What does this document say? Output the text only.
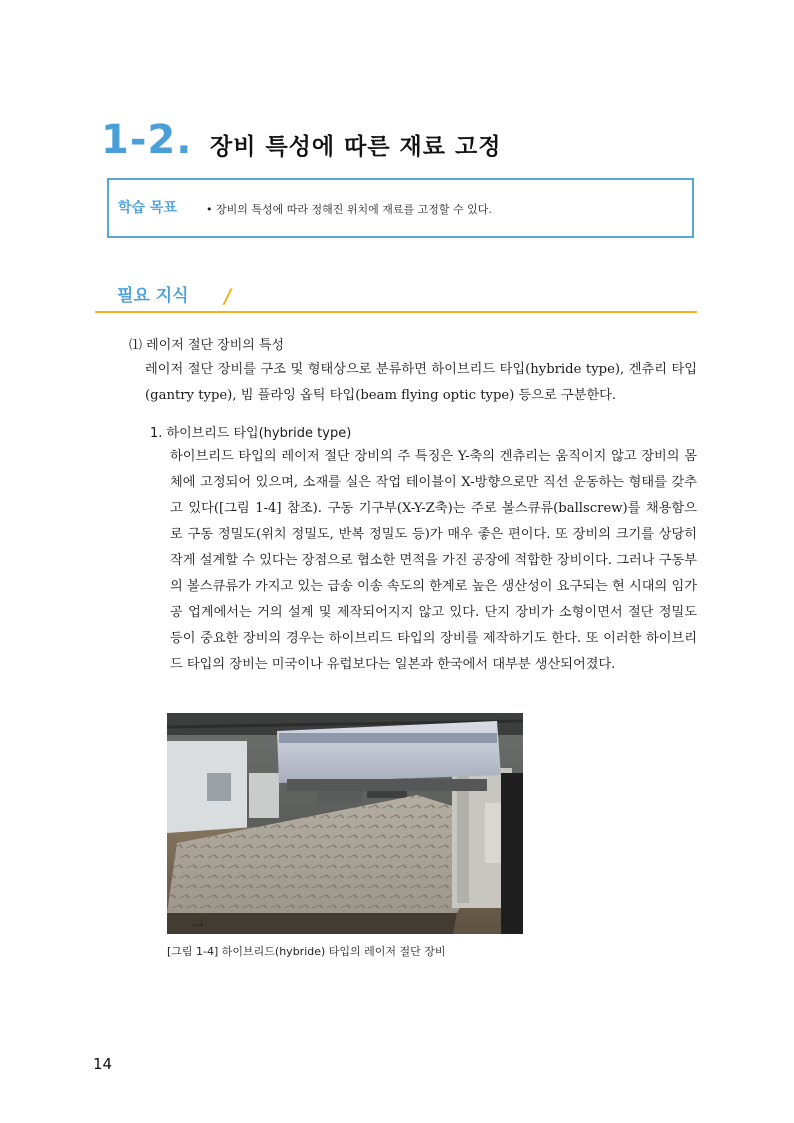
1-2. 장비 특성에 따른 재료 고정
학습 목표	• 장비의 특성에 따라 정해진 위치에 재료를 고정할 수 있다.
필요 지식 /
⑴ 레이저 절단 장비의 특성
레이저 절단 장비를 구조 및 형태상으로 분류하면 하이브리드 타입(hybride type), 겐츄리 타입(gantry type), 빔 플라잉 옵틱 타입(beam flying optic type) 등으로 구분한다.
1. 하이브리드 타입(hybride type)
하이브리드 타입의 레이저 절단 장비의 주 특징은 Y-축의 겐츄리는 움직이지 않고 장비의 몸체에 고정되어 있으며, 소재를 실은 작업 테이블이 X-방향으로만 직선 운동하는 형태를 갖추고 있다([그림 1-4] 참조). 구동 기구부(X-Y-Z축)는 주로 볼스큐류(ballscrew)를 채용함으로 구동 정밀도(위치 정밀도, 반복 정밀도 등)가 매우 좋은 편이다. 또 장비의 크기를 상당히 작게 설계할 수 있다는 장점으로 협소한 면적을 가진 공장에 적합한 장비이다. 그러나 구동부의 볼스큐류가 가지고 있는 급송 이송 속도의 한계로 높은 생산성이 요구되는 현 시대의 임가공 업계에서는 거의 설계 및 제작되어지지 않고 있다. 단지 장비가 소형이면서 절단 정밀도 등이 중요한 장비의 경우는 하이브리드 타입의 장비를 제작하기도 한다. 또 이러한 하이브리드 타입의 장비는 미국이나 유럽보다는 일본과 한국에서 대부분 생산되어졌다.
ᆗ
[그림 1-4] 하이브리드(hybride) 타입의 레이저 절단 장비
14
